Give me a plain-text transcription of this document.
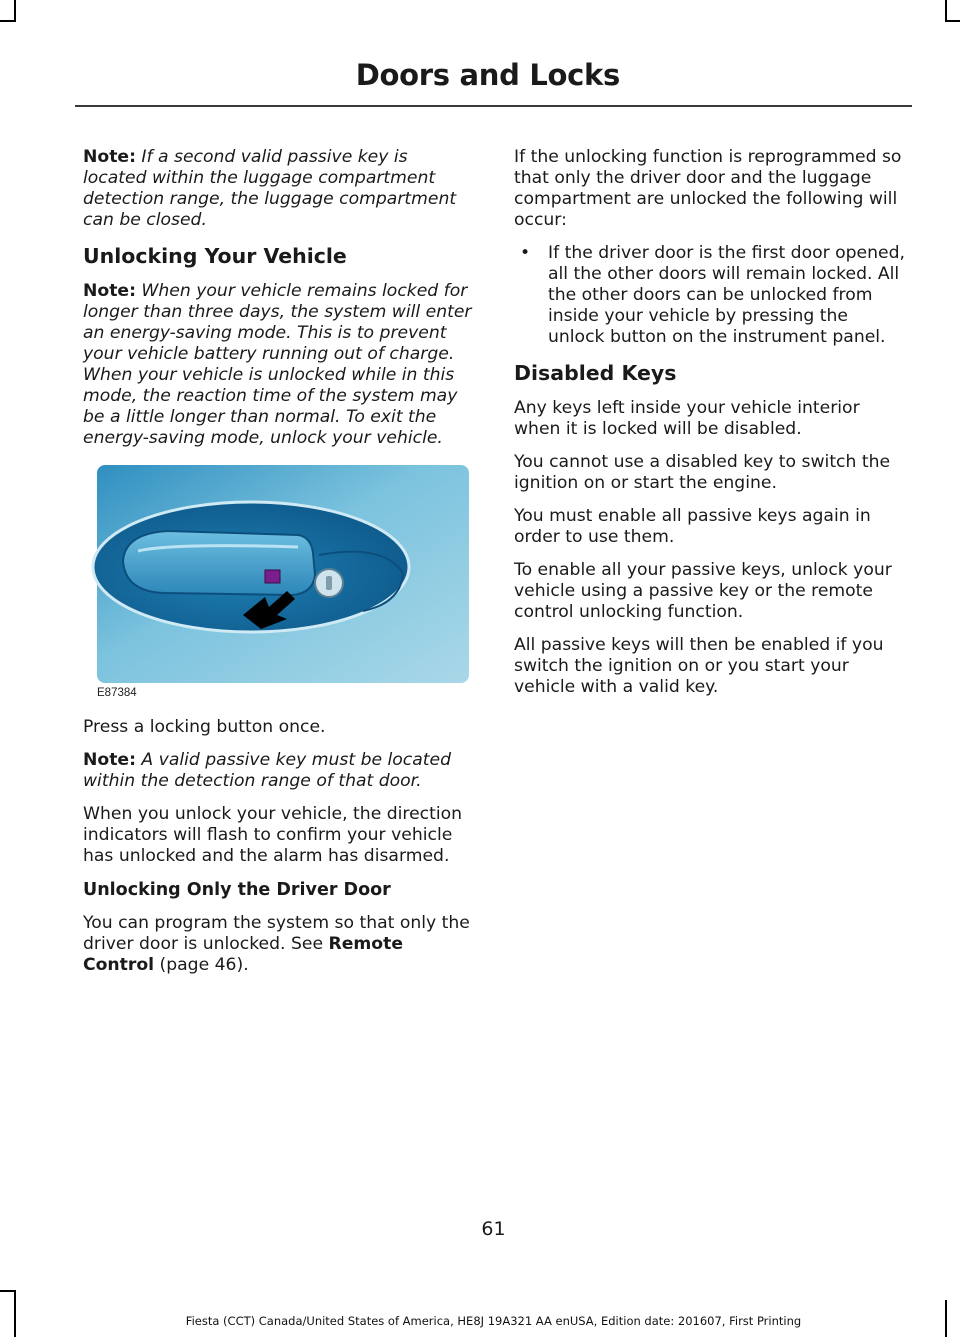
Doors and Locks

Note: If a second valid passive key is located within the luggage compartment detection range, the luggage compartment can be closed.

Unlocking Your Vehicle

Note: When your vehicle remains locked for longer than three days, the system will enter an energy-saving mode. This is to prevent your vehicle battery running out of charge. When your vehicle is unlocked while in this mode, the reaction time of the system may be a little longer than normal. To exit the energy-saving mode, unlock your vehicle.

E87384

Press a locking button once.

Note: A valid passive key must be located within the detection range of that door.

When you unlock your vehicle, the direction indicators will flash to confirm your vehicle has unlocked and the alarm has disarmed.

Unlocking Only the Driver Door

You can program the system so that only the driver door is unlocked. See Remote Control (page 46).

If the unlocking function is reprogrammed so that only the driver door and the luggage compartment are unlocked the following will occur:

• If the driver door is the first door opened, all the other doors will remain locked. All the other doors can be unlocked from inside your vehicle by pressing the unlock button on the instrument panel.
Disabled Keys

Any keys left inside your vehicle interior when it is locked will be disabled.

You cannot use a disabled key to switch the ignition on or start the engine.

You must enable all passive keys again in order to use them.

To enable all your passive keys, unlock your vehicle using a passive key or the remote control unlocking function.

All passive keys will then be enabled if you switch the ignition on or you start your vehicle with a valid key.

61
Fiesta (CCT) Canada/United States of America, HE8J 19A321 AA enUSA, Edition date: 201607, First Printing
